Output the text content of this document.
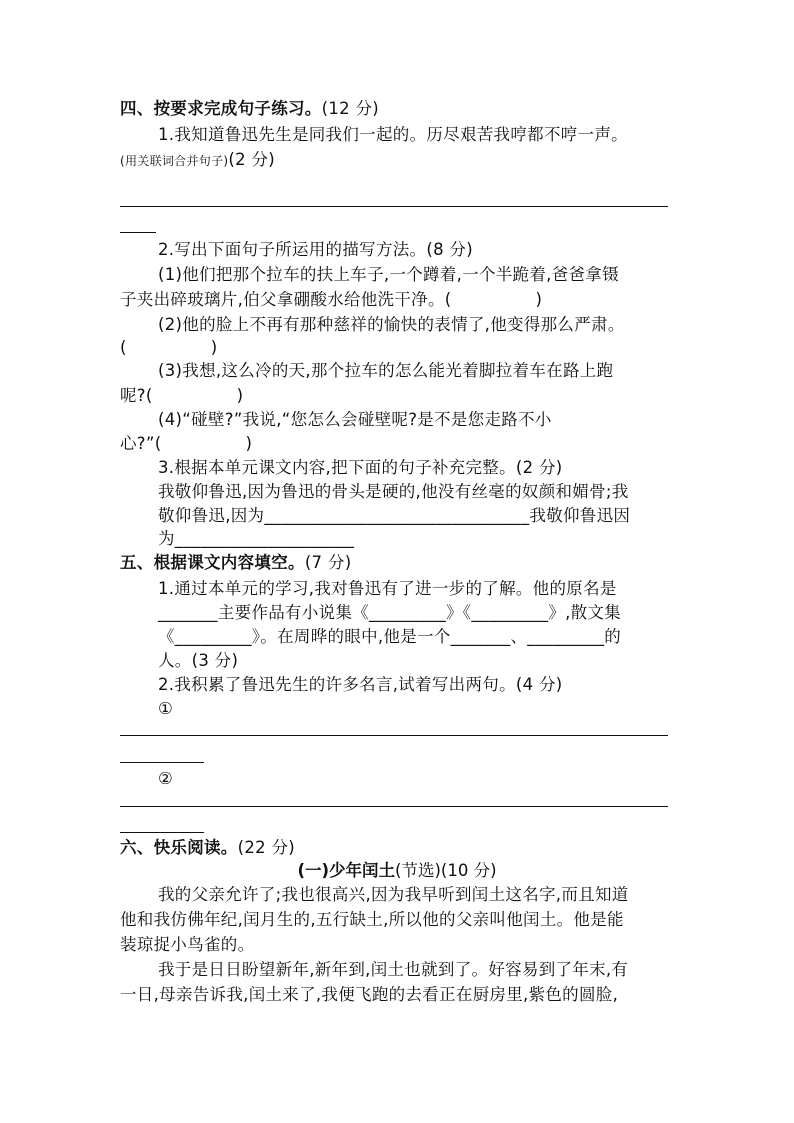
四、按要求完成句子练习。(12 分)
1.我知道鲁迅先生是同我们一起的。历尽艰苦我哼都不哼一声。
(用关联词合并句子)(2 分)
2.写出下面句子所运用的描写方法。(8 分)
(1)他们把那个拉车的扶上车子,一个蹲着,一个半跪着,爸爸拿镊
子夹出碎玻璃片,伯父拿硼酸水给他洗干净。(　　　　　)
(2)他的脸上不再有那种慈祥的愉快的表情了,他变得那么严肃。
(　　　　　)
(3)我想,这么冷的天,那个拉车的怎么能光着脚拉着车在路上跑
呢?(　　　　　)
(4)“碰壁?”我说,“您怎么会碰壁呢?是不是您走路不小
心?”(　　　　　)
3.根据本单元课文内容,把下面的句子补充完整。(2 分)
我敬仰鲁迅,因为鲁迅的骨头是硬的,他没有丝毫的奴颜和媚骨;我
敬仰鲁迅,因为_______________________________我敬仰鲁迅因
为_____________________
五、根据课文内容填空。(7 分)
1.通过本单元的学习,我对鲁迅有了进一步的了解。他的原名是
_______主要作品有小说集《_________》《_________》,散文集
《_________》。在周晔的眼中,他是一个_______、_________的
人。(3 分)
2.我积累了鲁迅先生的许多名言,试着写出两句。(4 分)
①
②
六、快乐阅读。(22 分)
(一)少年闰土(节选)(10 分)
我的父亲允许了;我也很高兴,因为我早听到闰土这名字,而且知道
他和我仿佛年纪,闰月生的,五行缺土,所以他的父亲叫他闰土。他是能
装琼捉小鸟雀的。
我于是日日盼望新年,新年到,闰土也就到了。好容易到了年末,有
一日,母亲告诉我,闰土来了,我便飞跑的去看正在厨房里,紫色的圆脸,
